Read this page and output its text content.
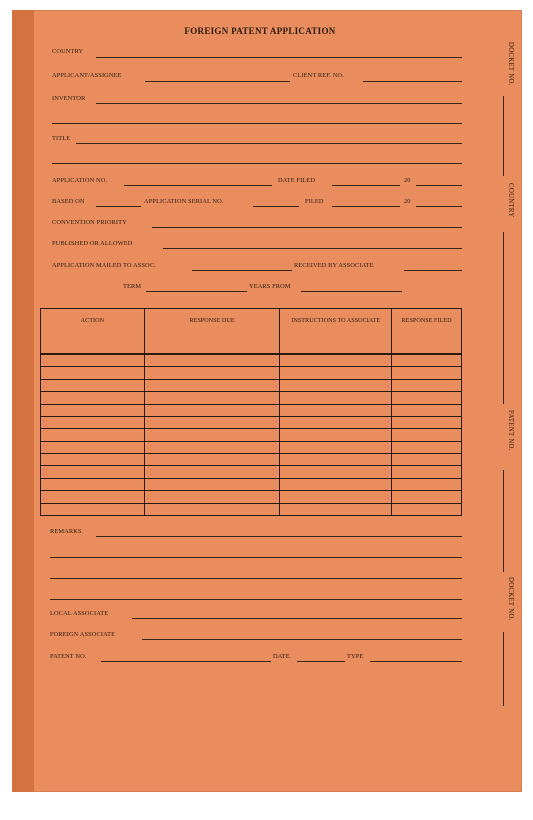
FOREIGN PATENT APPLICATION
COUNTRY
APPLICANT/ASSIGNEE	CLIENT REF. NO.
INVENTOR
TITLE
APPLICATION NO.	DATE FILED	20
BASED ON	APPLICATION SERIAL NO.	FILED	20
CONVENTION PRIORITY
PUBLISHED OR ALLOWED
APPLICATION MAILED TO ASSOC.	RECEIVED BY ASSOCIATE
TERM	YEARS FROM
ACTION	RESPONSE DUE	INSTRUCTIONS TO ASSOCIATE	RESPONSE FILED

REMARKS
LOCAL ASSOCIATE
FOREIGN ASSOCIATE
PATENT NO.	DATE	TYPE
DOCKET NO.
COUNTRY
PATENT NO.
DOCKET NO.
